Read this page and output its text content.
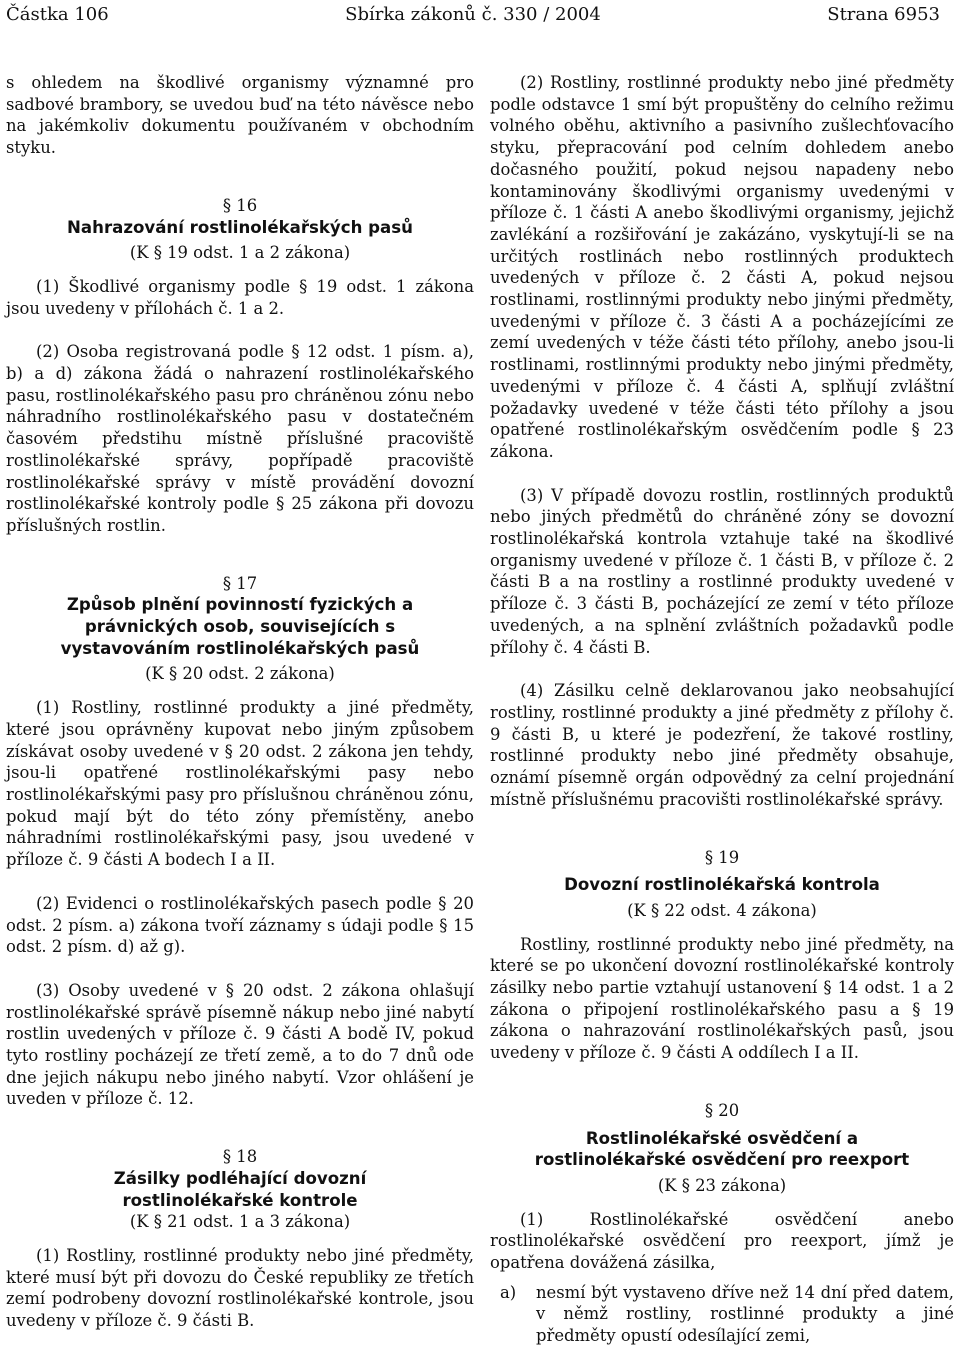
Částka 106	Sbírka zákonů č. 330 / 2004	Strana 6953

s ohledem na škodlivé organismy významné pro sadbové brambory, se uvedou buď na této návěsce nebo na jakémkoliv dokumentu používaném v obchodním styku.

§ 16
Nahrazování rostlinolékařských pasů
(K § 19 odst. 1 a 2 zákona)

(1) Škodlivé organismy podle § 19 odst. 1 zákona jsou uvedeny v přílohách č. 1 a 2.

(2) Osoba registrovaná podle § 12 odst. 1 písm. a), b) a d) zákona žádá o nahrazení rostlinolékařského pasu, rostlinolékařského pasu pro chráněnou zónu nebo náhradního rostlinolékařského pasu v dostatečném časovém předstihu místně příslušné pracoviště rostlinolékařské správy, popřípadě pracoviště rostlinolékařské správy v místě provádění dovozní rostlinolékařské kontroly podle § 25 zákona při dovozu příslušných rostlin.

§ 17
Způsob plnění povinností fyzických a právnických osob, souvisejících s vystavováním rostlinolékařských pasů
(K § 20 odst. 2 zákona)

(1) Rostliny, rostlinné produkty a jiné předměty, které jsou oprávněny kupovat nebo jiným způsobem získávat osoby uvedené v § 20 odst. 2 zákona jen tehdy, jsou-li opatřené rostlinolékařskými pasy nebo rostlinolékařskými pasy pro příslušnou chráněnou zónu, pokud mají být do této zóny přemístěny, anebo náhradními rostlinolékařskými pasy, jsou uvedené v příloze č. 9 části A bodech I a II.

(2) Evidenci o rostlinolékařských pasech podle § 20 odst. 2 písm. a) zákona tvoří záznamy s údaji podle § 15 odst. 2 písm. d) až g).

(3) Osoby uvedené v § 20 odst. 2 zákona ohlašují rostlinolékařské správě písemně nákup nebo jiné nabytí rostlin uvedených v příloze č. 9 části A bodě IV, pokud tyto rostliny pocházejí ze třetí země, a to do 7 dnů ode dne jejich nákupu nebo jiného nabytí. Vzor ohlášení je uveden v příloze č. 12.

§ 18
Zásilky podléhající dovozní rostlinolékařské kontrole
(K § 21 odst. 1 a 3 zákona)

(1) Rostliny, rostlinné produkty nebo jiné předměty, které musí být při dovozu do České republiky ze třetích zemí podrobeny dovozní rostlinolékařské kontrole, jsou uvedeny v příloze č. 9 části B.

(2) Rostliny, rostlinné produkty nebo jiné předměty podle odstavce 1 smí být propuštěny do celního režimu volného oběhu, aktivního a pasivního zušlechťovacího styku, přepracování pod celním dohledem anebo dočasného použití, pokud nejsou napadeny nebo kontaminovány škodlivými organismy uvedenými v příloze č. 1 části A anebo škodlivými organismy, jejichž zavlékání a rozšiřování je zakázáno, vyskytují-li se na určitých rostlinách nebo rostlinných produktech uvedených v příloze č. 2 části A, pokud nejsou rostlinami, rostlinnými produkty nebo jinými předměty, uvedenými v příloze č. 3 části A a pocházejícími ze zemí uvedených v téže části této přílohy, anebo jsou-li rostlinami, rostlinnými produkty nebo jinými předměty, uvedenými v příloze č. 4 části A, splňují zvláštní požadavky uvedené v téže části této přílohy a jsou opatřené rostlinolékařským osvědčením podle § 23 zákona.

(3) V případě dovozu rostlin, rostlinných produktů nebo jiných předmětů do chráněné zóny se dovozní rostlinolékařská kontrola vztahuje také na škodlivé organismy uvedené v příloze č. 1 části B, v příloze č. 2 části B a na rostliny a rostlinné produkty uvedené v příloze č. 3 části B, pocházející ze zemí v této příloze uvedených, a na splnění zvláštních požadavků podle přílohy č. 4 části B.

(4) Zásilku celně deklarovanou jako neobsahující rostliny, rostlinné produkty a jiné předměty z přílohy č. 9 části B, u které je podezření, že takové rostliny, rostlinné produkty nebo jiné předměty obsahuje, oznámí písemně orgán odpovědný za celní projednání místně příslušnému pracovišti rostlinolékařské správy.

§ 19
Dovozní rostlinolékařská kontrola
(K § 22 odst. 4 zákona)

Rostliny, rostlinné produkty nebo jiné předměty, na které se po ukončení dovozní rostlinolékařské kontroly zásilky nebo partie vztahují ustanovení § 14 odst. 1 a 2 zákona o připojení rostlinolékařského pasu a § 19 zákona o nahrazování rostlinolékařských pasů, jsou uvedeny v příloze č. 9 části A oddílech I a II.

§ 20
Rostlinolékařské osvědčení a rostlinolékařské osvědčení pro reexport
(K § 23 zákona)

(1) Rostlinolékařské osvědčení anebo rostlinolékařské osvědčení pro reexport, jímž je opatřena dovážená zásilka,

a)	nesmí být vystaveno dříve než 14 dní před datem, v němž rostliny, rostlinné produkty a jiné předměty opustí odesílající zemi,
